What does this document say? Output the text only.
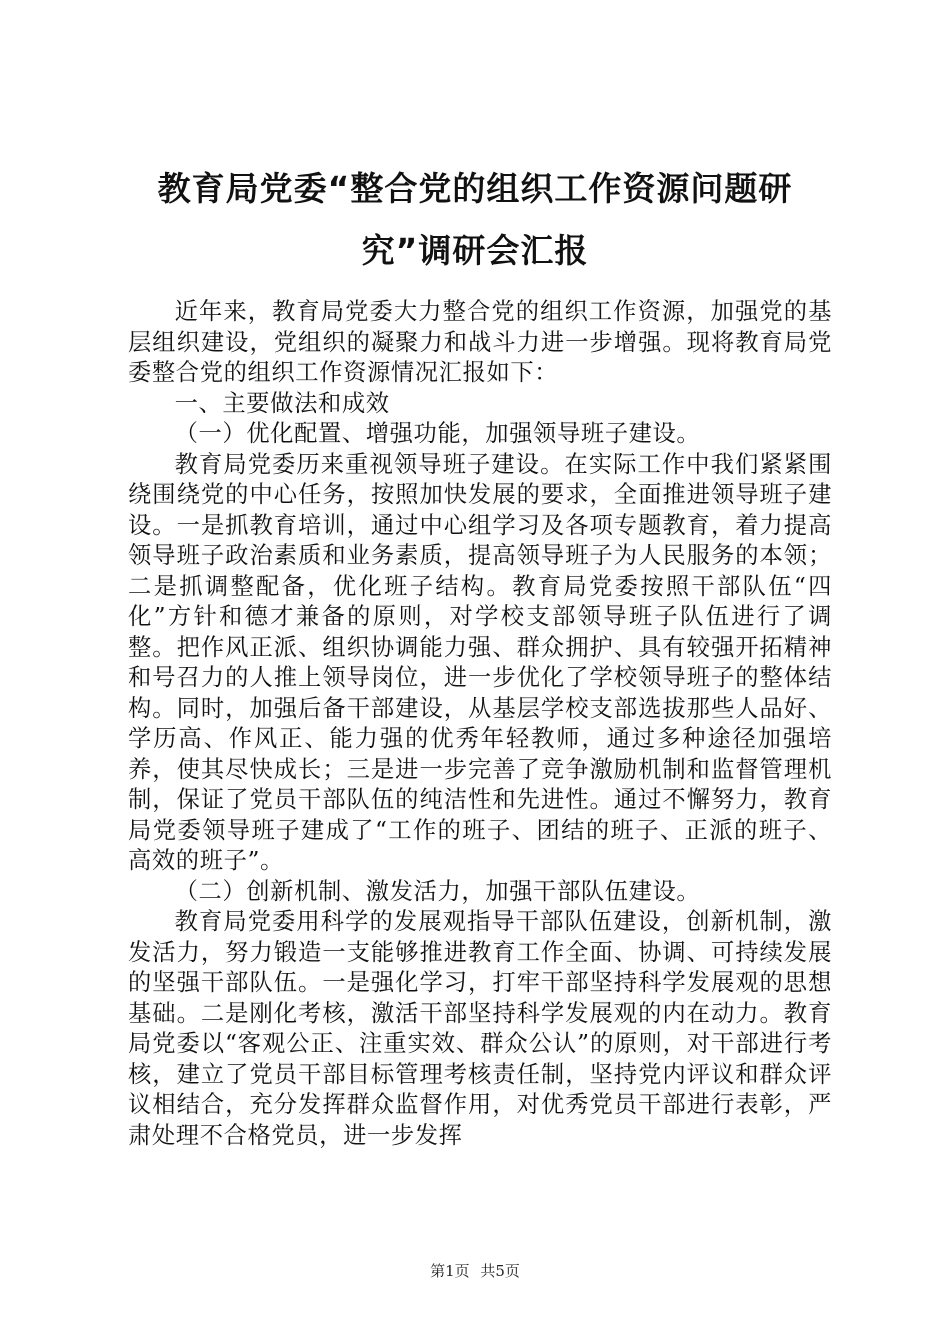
教育局党委“整合党的组织工作资源问题研
究”调研会汇报

近年来，教育局党委大力整合党的组织工作资源，加强党的基层组织建设，党组织的凝聚力和战斗力进一步增强。现将教育局党委整合党的组织工作资源情况汇报如下：

一、主要做法和成效

（一）优化配置、增强功能，加强领导班子建设。

教育局党委历来重视领导班子建设。在实际工作中我们紧紧围绕围绕党的中心任务，按照加快发展的要求，全面推进领导班子建设。一是抓教育培训，通过中心组学习及各项专题教育，着力提高领导班子政治素质和业务素质，提高领导班子为人民服务的本领；二是抓调整配备，优化班子结构。教育局党委按照干部队伍“四化”方针和德才兼备的原则，对学校支部领导班子队伍进行了调整。把作风正派、组织协调能力强、群众拥护、具有较强开拓精神和号召力的人推上领导岗位，进一步优化了学校领导班子的整体结构。同时，加强后备干部建设，从基层学校支部选拔那些人品好、学历高、作风正、能力强的优秀年轻教师，通过多种途径加强培养，使其尽快成长；三是进一步完善了竞争激励机制和监督管理机制，保证了党员干部队伍的纯洁性和先进性。通过不懈努力，教育局党委领导班子建成了“工作的班子、团结的班子、正派的班子、高效的班子”。

（二）创新机制、激发活力，加强干部队伍建设。

教育局党委用科学的发展观指导干部队伍建设，创新机制，激发活力，努力锻造一支能够推进教育工作全面、协调、可持续发展的坚强干部队伍。一是强化学习，打牢干部坚持科学发展观的思想基础。二是刚化考核，激活干部坚持科学发展观的内在动力。教育局党委以“客观公正、注重实效、群众公认”的原则，对干部进行考核，建立了党员干部目标管理考核责任制，坚持党内评议和群众评议相结合，充分发挥群众监督作用，对优秀党员干部进行表彰，严肃处理不合格党员，进一步发挥

第1页 共5页
